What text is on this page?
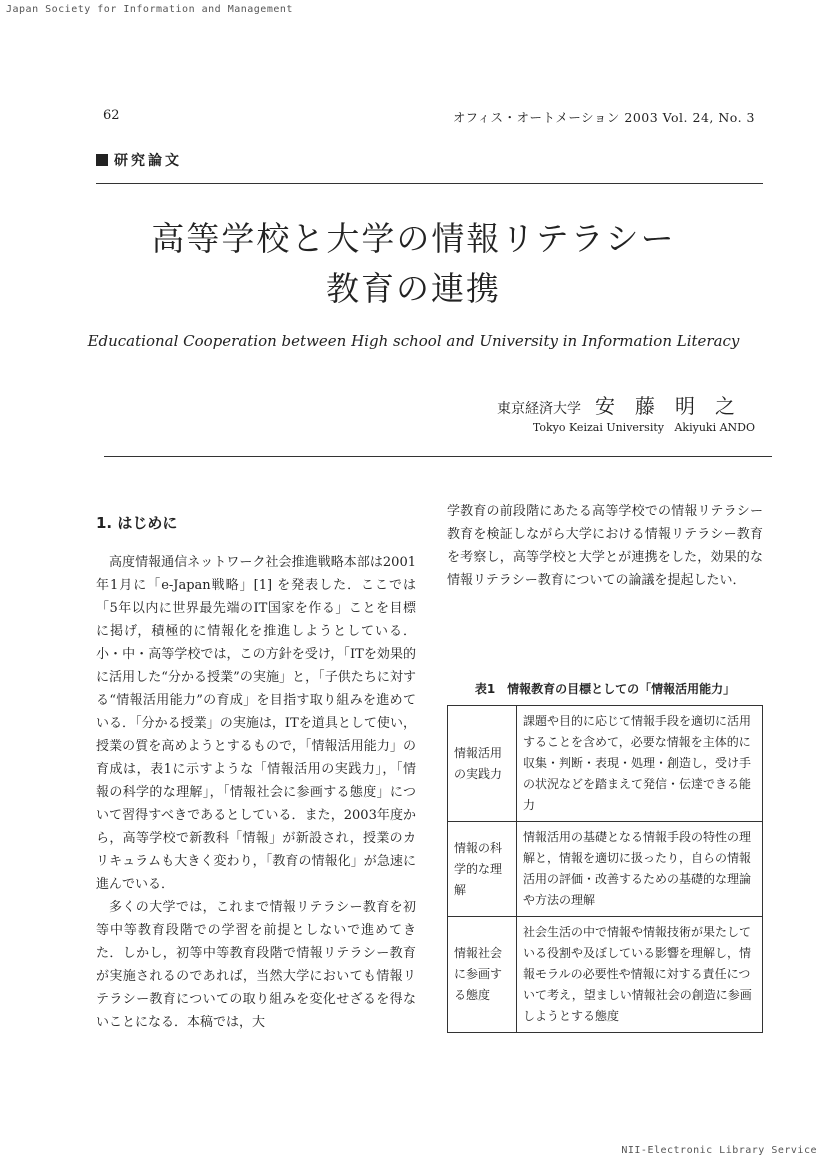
Japan Society for Information and Management
62	オフィス・オートメーション 2003 Vol. 24, No. 3
研究論文
高等学校と大学の情報リテラシー
教育の連携
Educational Cooperation between High school and University in Information Literacy
東京経済大学 安藤明之
Tokyo Keizai University Akiyuki ANDO
1. はじめに

高度情報通信ネットワーク社会推進戦略本部は2001年1月に「e-Japan戦略」[1] を発表した．ここでは「5年以内に世界最先端のIT国家を作る」ことを目標に掲げ，積極的に情報化を推進しようとしている．小・中・高等学校では，この方針を受け，「ITを効果的に活用した“分かる授業”の実施」と，「子供たちに対する“情報活用能力”の育成」を目指す取り組みを進めている．「分かる授業」の実施は，ITを道具として使い，授業の質を高めようとするもので，「情報活用能力」の育成は，表1に示すような「情報活用の実践力」，「情報の科学的な理解」，「情報社会に参画する態度」について習得すべきであるとしている．また，2003年度から，高等学校で新教科「情報」が新設され，授業のカリキュラムも大きく変わり，「教育の情報化」が急速に進んでいる．

多くの大学では，これまで情報リテラシー教育を初等中等教育段階での学習を前提としないで進めてきた．しかし，初等中等教育段階で情報リテラシー教育が実施されるのであれば，当然大学においても情報リテラシー教育についての取り組みを変化せざるを得ないことになる．本稿では，大

学教育の前段階にあたる高等学校での情報リテラシー教育を検証しながら大学における情報リテラシー教育を考察し，高等学校と大学とが連携をした，効果的な情報リテラシー教育についての論議を提起したい．

表1　情報教育の目標としての「情報活用能力」
情報活用の実践力	課題や目的に応じて情報手段を適切に活用することを含めて，必要な情報を主体的に収集・判断・表現・処理・創造し，受け手の状況などを踏まえて発信・伝達できる能力
情報の科学的な理解	情報活用の基礎となる情報手段の特性の理解と，情報を適切に扱ったり，自らの情報活用の評価・改善するための基礎的な理論や方法の理解
情報社会に参画する態度	社会生活の中で情報や情報技術が果たしている役割や及ぼしている影響を理解し，情報モラルの必要性や情報に対する責任について考え，望ましい情報社会の創造に参画しようとする態度
NII-Electronic Library Service
